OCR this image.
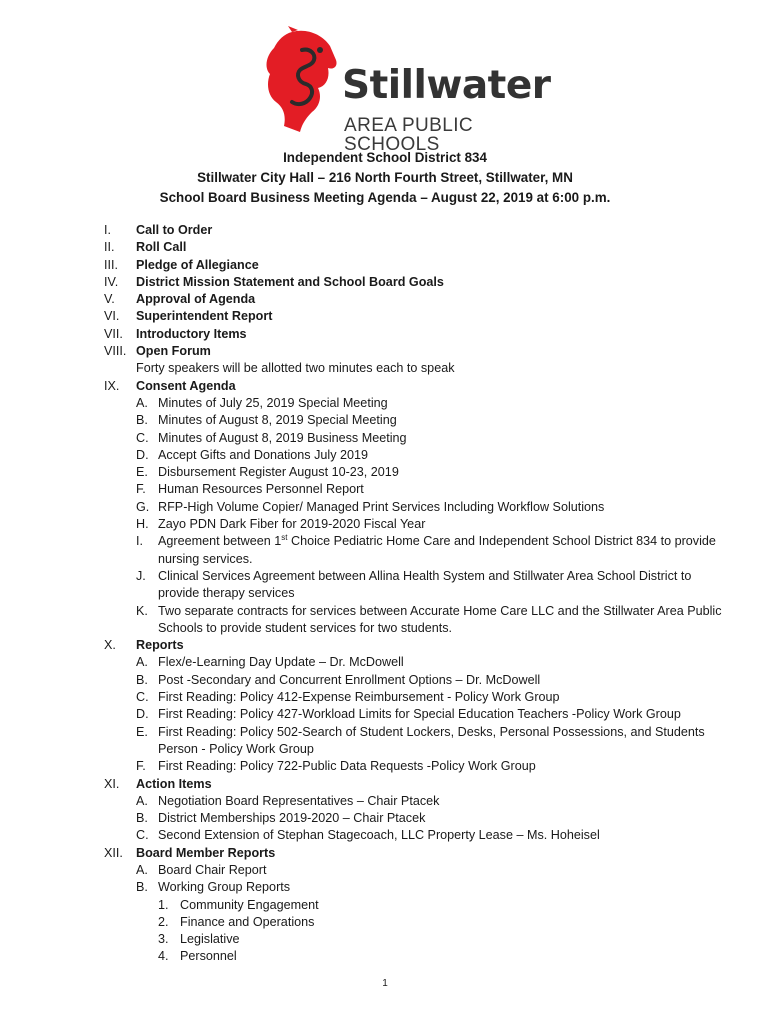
Stillwater
AREA PUBLIC SCHOOLS
Independent School District 834
Stillwater City Hall – 216 North Fourth Street, Stillwater, MN
School Board Business Meeting Agenda – August 22, 2019 at 6:00 p.m.
I.	Call to Order
II.	Roll Call
III.	Pledge of Allegiance
IV.	District Mission Statement and School Board Goals
V.	Approval of Agenda
VI.	Superintendent Report
VII.	Introductory Items
VIII. Open Forum
Forty speakers will be allotted two minutes each to speak
IX.	Consent Agenda
A. Minutes of July 25, 2019 Special Meeting
B. Minutes of August 8, 2019 Special Meeting
C. Minutes of August 8, 2019 Business Meeting
D. Accept Gifts and Donations July 2019
E. Disbursement Register August 10-23, 2019
F. Human Resources Personnel Report
G. RFP-High Volume Copier/ Managed Print Services Including Workflow Solutions
H. Zayo PDN Dark Fiber for 2019-2020 Fiscal Year
I.	Agreement between 1st Choice Pediatric Home Care and Independent School District 834 to provide nursing services.
J. Clinical Services Agreement between Allina Health System and Stillwater Area School District to provide therapy services
K. Two separate contracts for services between Accurate Home Care LLC and the Stillwater Area Public Schools to provide student services for two students.
X.	Reports
A. Flex/e-Learning Day Update – Dr. McDowell
B. Post -Secondary and Concurrent Enrollment Options – Dr. McDowell
C. First Reading: Policy 412-Expense Reimbursement - Policy Work Group
D. First Reading: Policy 427-Workload Limits for Special Education Teachers -Policy Work Group
E. First Reading: Policy 502-Search of Student Lockers, Desks, Personal Possessions, and Students Person - Policy Work Group
F. First Reading: Policy 722-Public Data Requests -Policy Work Group
XI.	Action Items
A. Negotiation Board Representatives – Chair Ptacek
B. District Memberships 2019-2020 – Chair Ptacek
C. Second Extension of Stephan Stagecoach, LLC Property Lease – Ms. Hoheisel
XII.	Board Member Reports
A. Board Chair Report
B. Working Group Reports
1. Community Engagement
2. Finance and Operations
3. Legislative
4. Personnel
1
